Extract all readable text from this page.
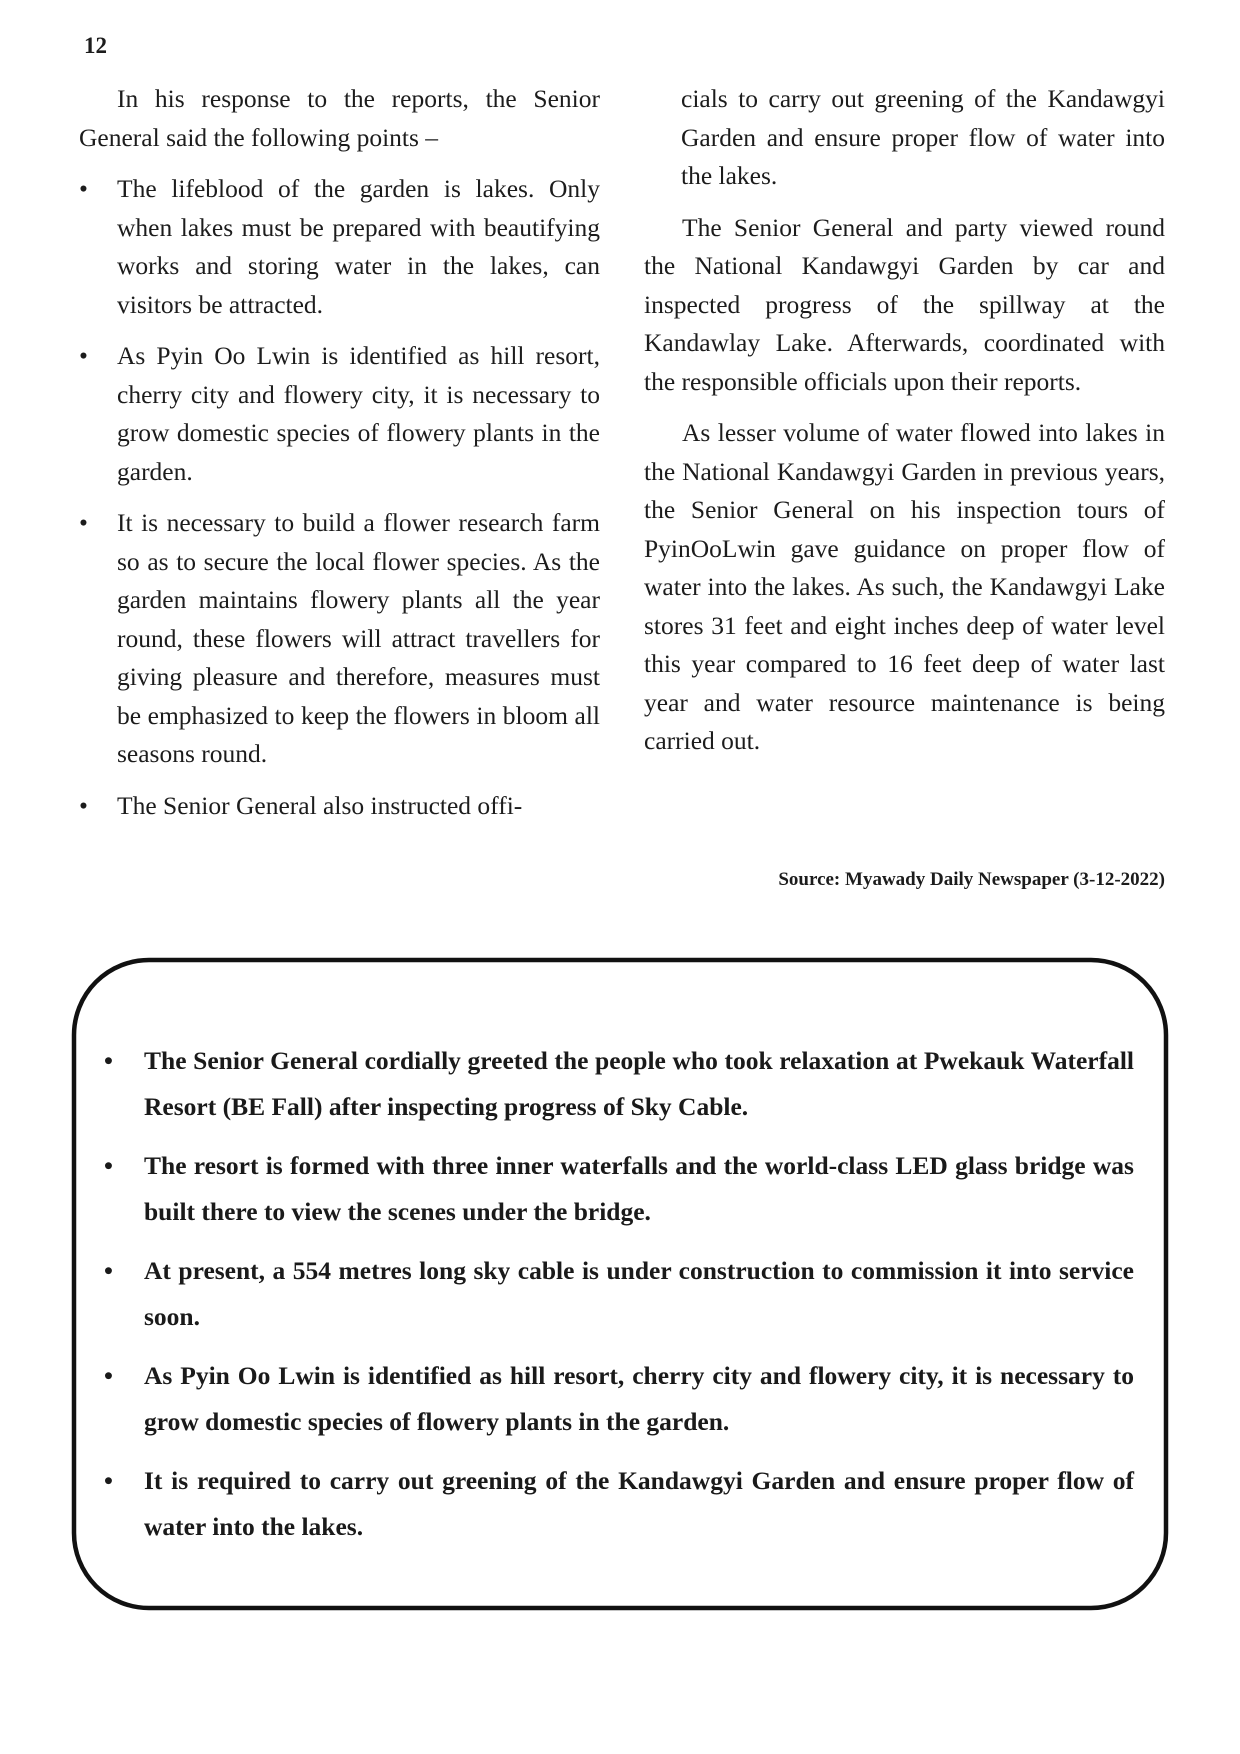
12

In his response to the reports, the Senior General said the following points –

• The lifeblood of the garden is lakes. Only when lakes must be prepared with beautifying works and storing water in the lakes, can visitors be attracted.
• As Pyin Oo Lwin is identified as hill resort, cherry city and flowery city, it is necessary to grow domestic species of flowery plants in the garden.
• It is necessary to build a flower research farm so as to secure the local flower species. As the garden maintains flowery plants all the year round, these flowers will attract travellers for giving pleasure and therefore, measures must be emphasized to keep the flowers in bloom all seasons round.
• The Senior General also instructed offi-

cials to carry out greening of the Kandawgyi Garden and ensure proper flow of water into the lakes.

The Senior General and party viewed round the National Kandawgyi Garden by car and inspected progress of the spillway at the Kandawlay Lake. Afterwards, coordinated with the responsible officials upon their reports.

As lesser volume of water flowed into lakes in the National Kandawgyi Garden in previous years, the Senior General on his inspection tours of PyinOoLwin gave guidance on proper flow of water into the lakes. As such, the Kandawgyi Lake stores 31 feet and eight inches deep of water level this year compared to 16 feet deep of water last year and water resource maintenance is being carried out.

Source: Myawady Daily Newspaper (3-12-2022)
• The Senior General cordially greeted the people who took relaxation at Pwekauk Waterfall Resort (BE Fall) after inspecting progress of Sky Cable.
• The resort is formed with three inner waterfalls and the world-class LED glass bridge was built there to view the scenes under the bridge.
• At present, a 554 metres long sky cable is under construction to commission it into service soon.
• As Pyin Oo Lwin is identified as hill resort, cherry city and flowery city, it is necessary to grow domestic species of flowery plants in the garden.
• It is required to carry out greening of the Kandawgyi Garden and ensure proper flow of water into the lakes.
